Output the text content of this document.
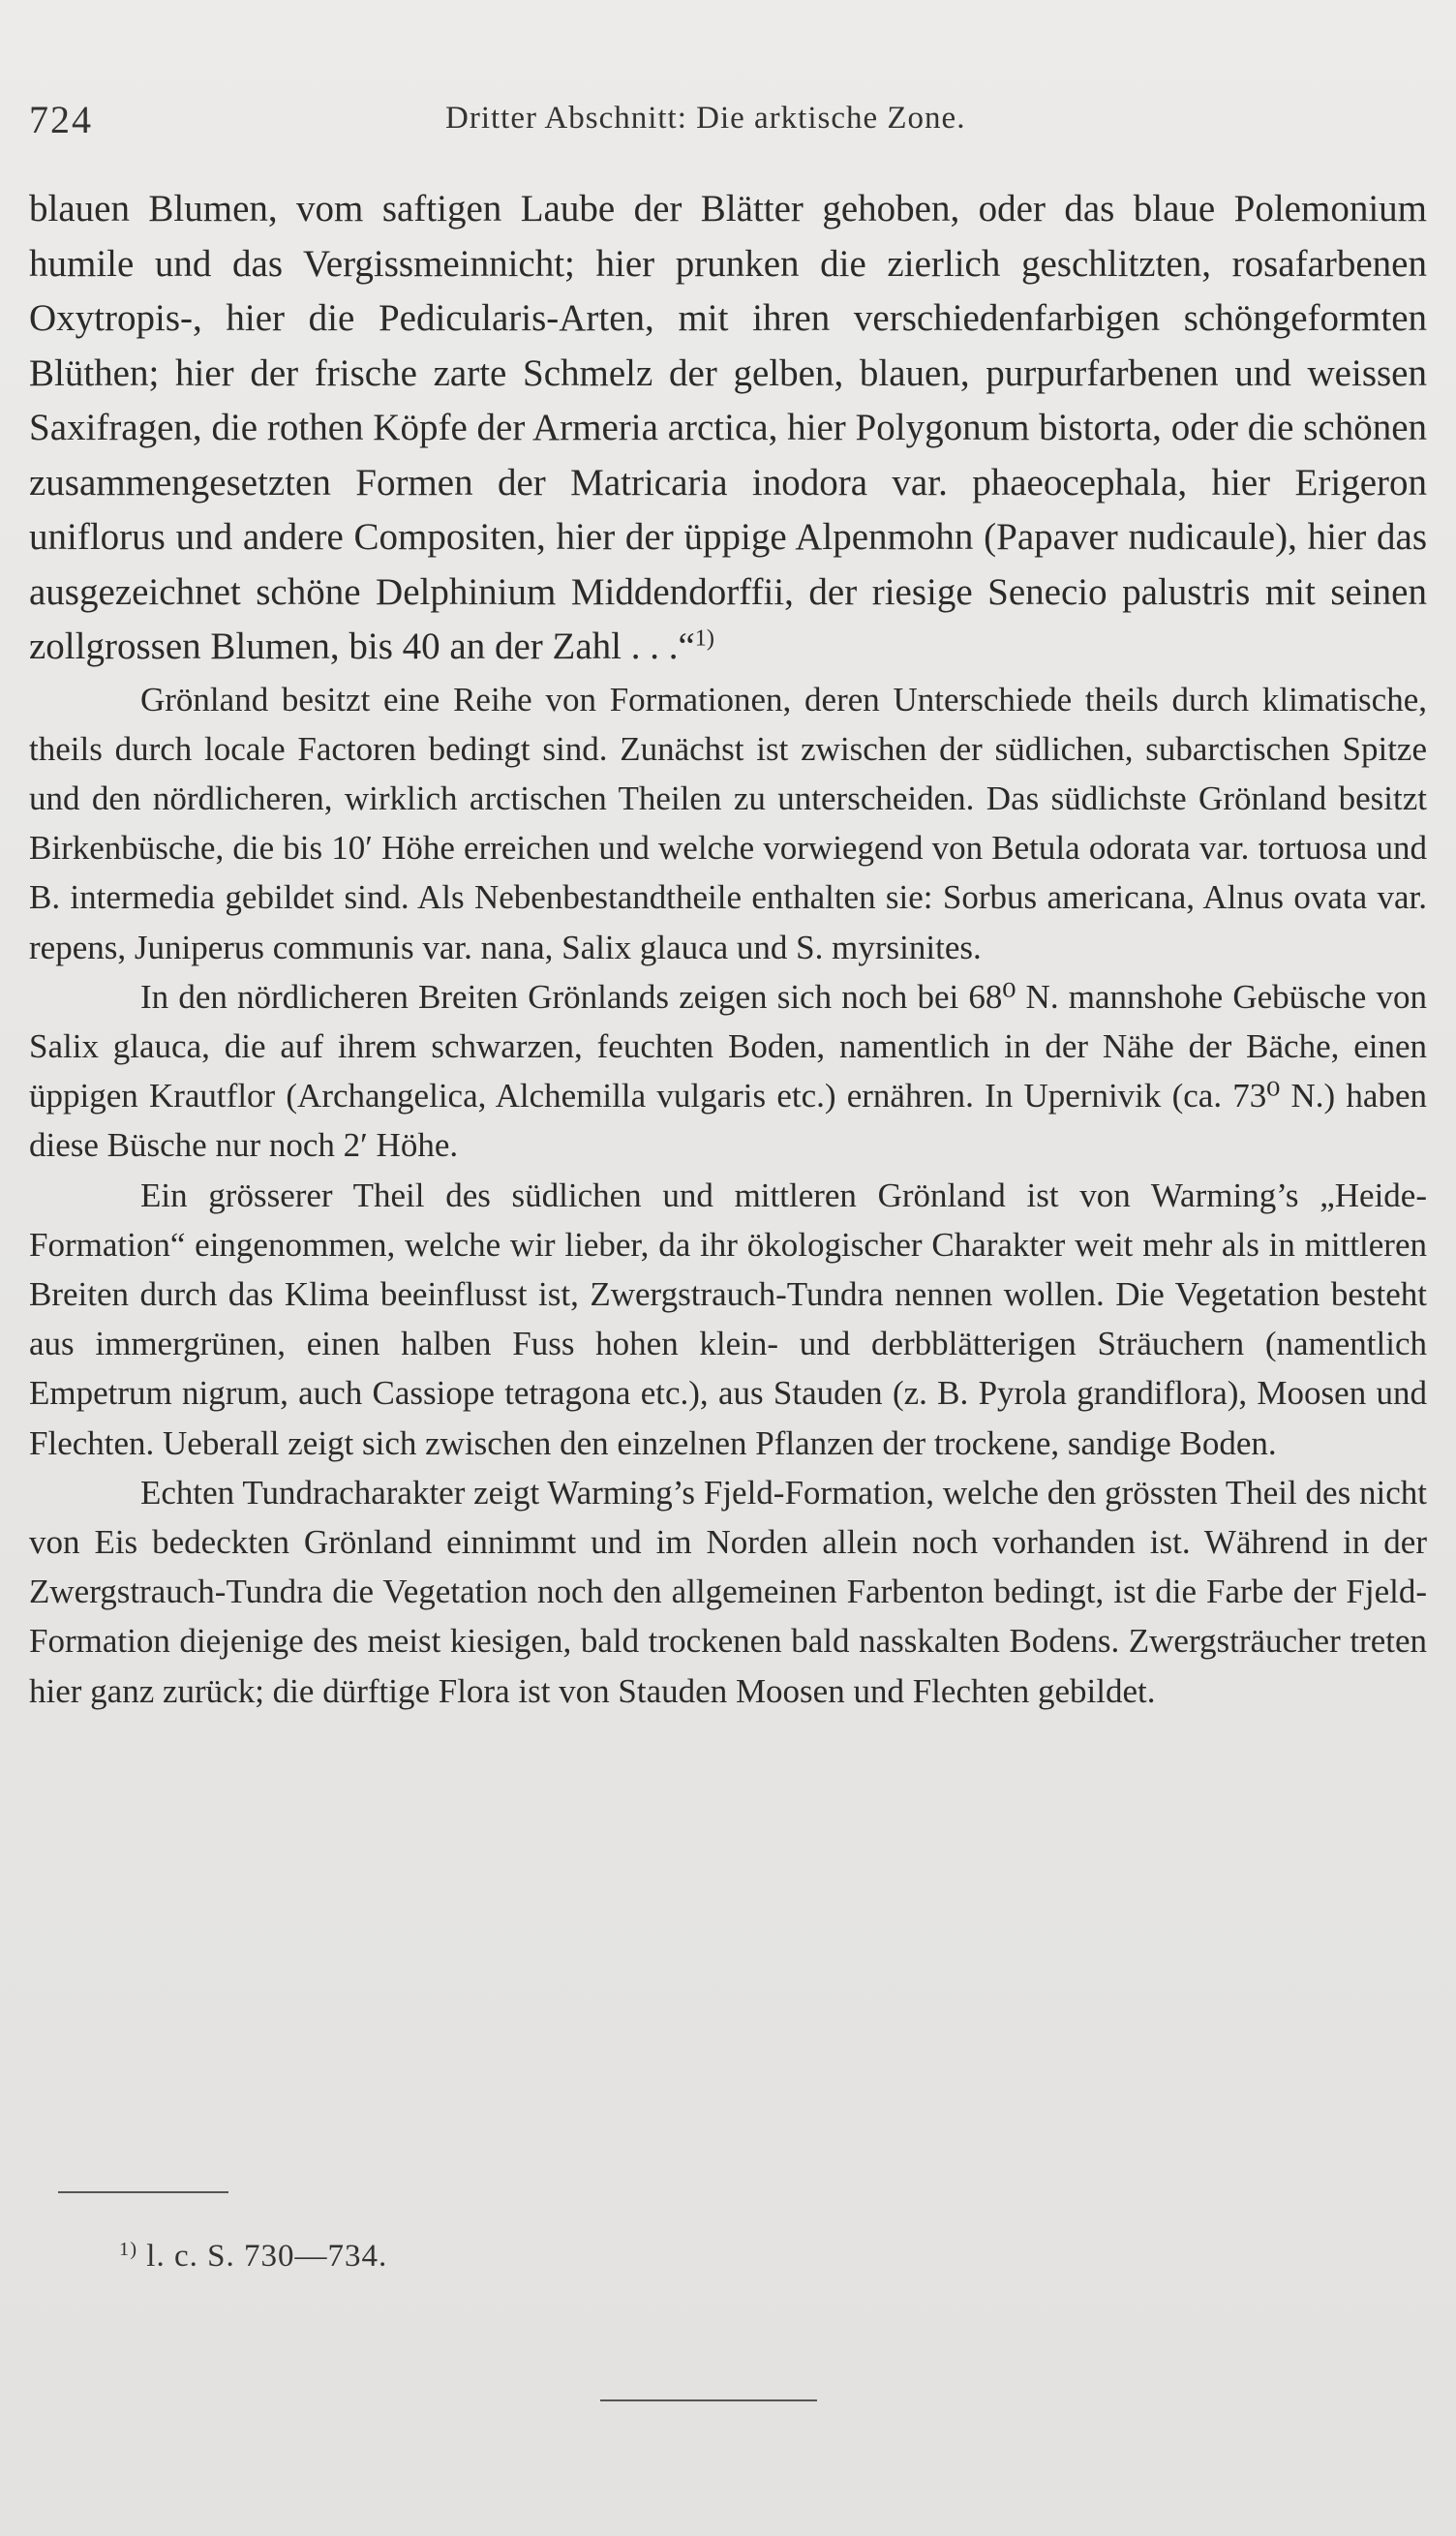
724	Dritter Abschnitt: Die arktische Zone.

blauen Blumen, vom saftigen Laube der Blätter gehoben, oder das blaue Polemonium humile und das Vergissmeinnicht; hier prunken die zierlich geschlitzten, rosafarbenen Oxytropis-, hier die Pedicularis-Arten, mit ihren verschiedenfarbigen schöngeformten Blüthen; hier der frische zarte Schmelz der gelben, blauen, purpurfarbenen und weissen Saxifragen, die rothen Köpfe der Armeria arctica, hier Polygonum bistorta, oder die schönen zusammengesetzten Formen der Matricaria inodora var. phaeocephala, hier Erigeron uniflorus und andere Compositen, hier der üppige Alpenmohn (Papaver nudicaule), hier das ausgezeichnet schöne Delphinium Middendorffii, der riesige Senecio palustris mit seinen zollgrossen Blumen, bis 40 an der Zahl . . .“$^{1)}$

Grönland besitzt eine Reihe von Formationen, deren Unterschiede theils durch klimatische, theils durch locale Factoren bedingt sind. Zunächst ist zwischen der südlichen, subarctischen Spitze und den nördlicheren, wirklich arctischen Theilen zu unterscheiden. Das südlichste Grönland besitzt Birkenbüsche, die bis 10′ Höhe erreichen und welche vorwiegend von Betula odorata var. tortuosa und B. intermedia gebildet sind. Als Nebenbestandtheile enthalten sie: Sorbus americana, Alnus ovata var. repens, Juniperus communis var. nana, Salix glauca und S. myrsinites.

In den nördlicheren Breiten Grönlands zeigen sich noch bei 68⁰ N. mannshohe Gebüsche von Salix glauca, die auf ihrem schwarzen, feuchten Boden, namentlich in der Nähe der Bäche, einen üppigen Krautflor (Archangelica, Alchemilla vulgaris etc.) ernähren. In Upernivik (ca. 73⁰ N.) haben diese Büsche nur noch 2′ Höhe.

Ein grösserer Theil des südlichen und mittleren Grönland ist von Warming’s „Heide-Formation“ eingenommen, welche wir lieber, da ihr ökologischer Charakter weit mehr als in mittleren Breiten durch das Klima beeinflusst ist, Zwergstrauch-Tundra nennen wollen. Die Vegetation besteht aus immergrünen, einen halben Fuss hohen klein- und derbblätterigen Sträuchern (namentlich Empetrum nigrum, auch Cassiope tetragona etc.), aus Stauden (z. B. Pyrola grandiflora), Moosen und Flechten. Ueberall zeigt sich zwischen den einzelnen Pflanzen der trockene, sandige Boden.

Echten Tundracharakter zeigt Warming’s Fjeld-Formation, welche den grössten Theil des nicht von Eis bedeckten Grönland einnimmt und im Norden allein noch vorhanden ist. Während in der Zwergstrauch-Tundra die Vegetation noch den allgemeinen Farbenton bedingt, ist die Farbe der Fjeld-Formation diejenige des meist kiesigen, bald trockenen bald nasskalten Bodens. Zwergsträucher treten hier ganz zurück; die dürftige Flora ist von Stauden Moosen und Flechten gebildet.

$^{1)}$ l. c. S. 730—734.
